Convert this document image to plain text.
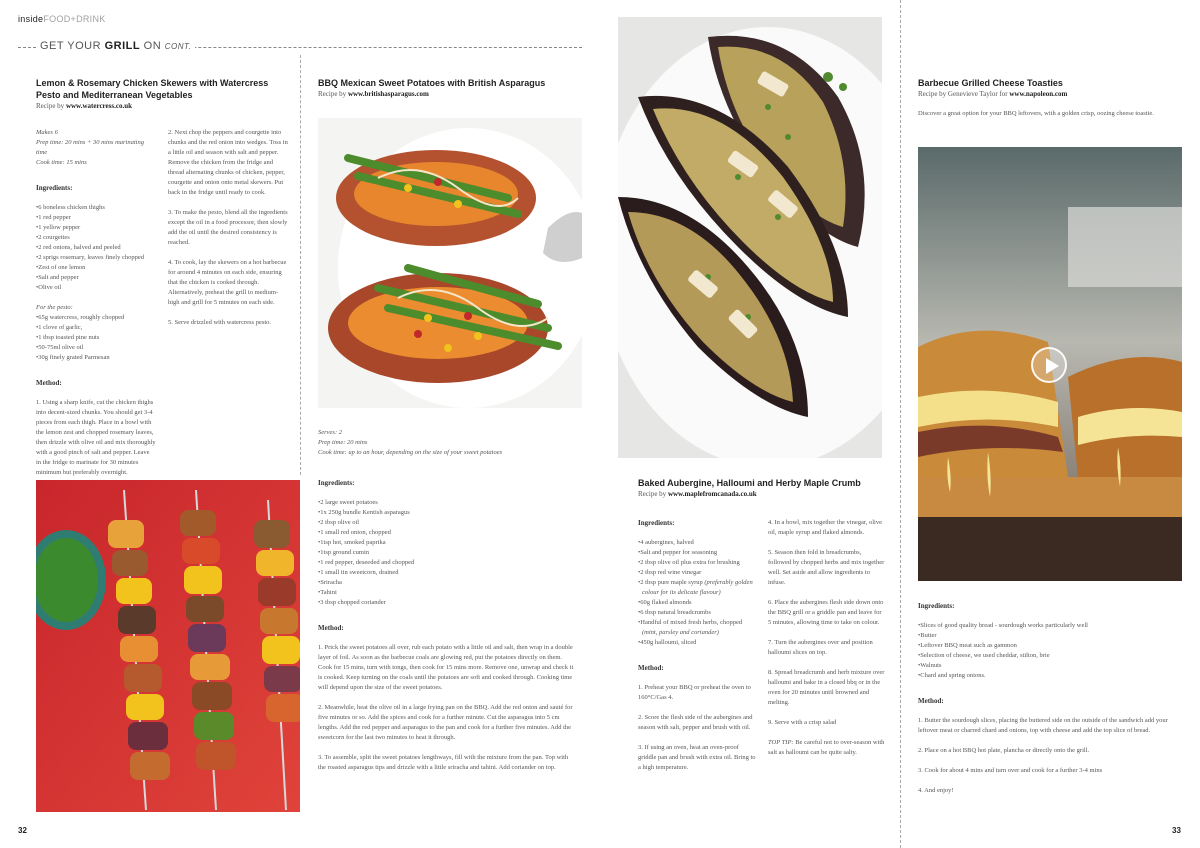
insideFOOD+DRINK
GET YOUR GRILL ON CONT.
Lemon & Rosemary Chicken Skewers with Watercress Pesto and Mediterranean Vegetables
Recipe by www.watercress.co.uk
Makes 6
Prep time: 20 mins + 30 mins marinating time
Cook time: 15 mins
Ingredients:
• 6 boneless chicken thighs
• 1 red pepper
• 1 yellow pepper
• 2 courgettes
• 2 red onions, halved and peeled
• 2 sprigs rosemary, leaves finely chopped
• Zest of one lemon
• Salt and pepper
• Olive oil
For the pesto:
• 65g watercress, roughly chopped
• 1 clove of garlic,
• 1 tbsp toasted pine nuts
• 50-75ml olive oil
• 30g finely grated Parmesan
Method:
1. Using a sharp knife, cut the chicken thighs into decent-sized chunks. You should get 3-4 pieces from each thigh. Place in a bowl with the lemon zest and chopped rosemary leaves, then drizzle with olive oil and mix thoroughly with a good pinch of salt and pepper. Leave in the fridge to marinate for 30 minutes minimum but preferably overnight.
2. Next chop the peppers and courgette into chunks and the red onion into wedges. Toss in a little oil and season with salt and pepper. Remove the chicken from the fridge and thread alternating chunks of chicken, pepper, courgette and onion onto metal skewers. Put back in the fridge until ready to cook.
3. To make the pesto, blend all the ingredients except the oil in a food processor, then slowly add the oil until the desired consistency is reached.
4. To cook, lay the skewers on a hot barbecue for around 4 minutes on each side, ensuring that the chicken is cooked through. Alternatively, preheat the grill to medium-high and grill for 5 minutes on each side.
5. Serve drizzled with watercress pesto.
BBQ Mexican Sweet Potatoes with British Asparagus
Recipe by www.britishasparagus.com
Serves: 2
Prep time: 20 mins
Cook time: up to an hour, depending on the size of your sweet potatoes
Ingredients:
• 2 large sweet potatoes
• 1x 250g bundle Kentish asparagus
• 2 tbsp olive oil
• 1 small red onion, chopped
• 1tsp hot, smoked paprika
• 1tsp ground cumin
• 1 red pepper, deseeded and chopped
• 1 small tin sweetcorn, drained
• Sriracha
• Tahini
• 3 tbsp chopped coriander
Method:
1. Prick the sweet potatoes all over, rub each potato with a little oil and salt, then wrap in a double layer of foil. As soon as the barbecue coals are glowing red, put the potatoes directly on them. Cook for 15 mins, turn with tongs, then cook for 15 mins more. Remove one, unwrap and check it is cooked. Keep turning on the coals until the potatoes are soft and cooked through. Cooking time will depend upon the size of the sweet potatoes.
2. Meanwhile, heat the olive oil in a large frying pan on the BBQ. Add the red onion and sauté for five minutes or so. Add the spices and cook for a further minute. Cut the asparagus into 5 cm lengths. Add the red pepper and asparagus to the pan and cook for a further five minutes. Add the sweetcorn for the last two minutes to heat it through.
3. To assemble, split the sweet potatoes lengthways, fill with the mixture from the pan. Top with the roasted asparagus tips and drizzle with a little sriracha and tahini. Add coriander on top.
32
Baked Aubergine, Halloumi and Herby Maple Crumb
Recipe by www.maplefromcanada.co.uk
Ingredients:
• 4 aubergines, halved
• Salt and pepper for seasoning
• 2 tbsp olive oil plus extra for brushing
• 2 tbsp red wine vinegar
• 2 tbsp pure maple syrup (preferably golden colour for its delicate flavour)
• 60g flaked almonds
• 6 tbsp natural breadcrumbs
• Handful of mixed fresh herbs, chopped (mint, parsley and coriander)
• 450g halloumi, sliced
Method:
1. Preheat your BBQ or preheat the oven to 160°C/Gas 4.
2. Score the flesh side of the aubergines and season with salt, pepper and brush with oil.
3. If using an oven, heat an oven-proof griddle pan and brush with extra oil. Bring to a high temperature.
4. In a bowl, mix together the vinegar, olive oil, maple syrup and flaked almonds.
5. Season then fold in breadcrumbs, followed by chopped herbs and mix together well. Set aside and allow ingredients to infuse.
6. Place the aubergines flesh side down onto the BBQ grill or a griddle pan and leave for 5 minutes, allowing time to take on colour.
7. Turn the aubergines over and position halloumi slices on top.
8. Spread breadcrumb and herb mixture over halloumi and bake in a closed bbq or in the oven for 20 minutes until browned and melting.
9. Serve with a crisp salad
TOP TIP: Be careful not to over-season with salt as halloumi can be quite salty.
Barbecue Grilled Cheese Toasties
Recipe by Genevieve Taylor for www.napoleon.com
Discover a great option for your BBQ leftovers, with a golden crisp, oozing cheese toastie.
Ingredients:
• Slices of good quality bread - sourdough works particularly well
• Butter
• Leftover BBQ meat such as gammon
• Selection of cheese, we used cheddar, stilton, brie
• Walnuts
• Chard and spring onions.
Method:
1. Butter the sourdough slices, placing the buttered side on the outside of the sandwich add your leftover meat or charred chard and onions, top with cheese and add the top slice of bread.
2. Place on a hot BBQ hot plate, plancha or directly onto the grill.
3. Cook for about 4 mins and turn over and cook for a further 3-4 mins
4. And enjoy!
33
